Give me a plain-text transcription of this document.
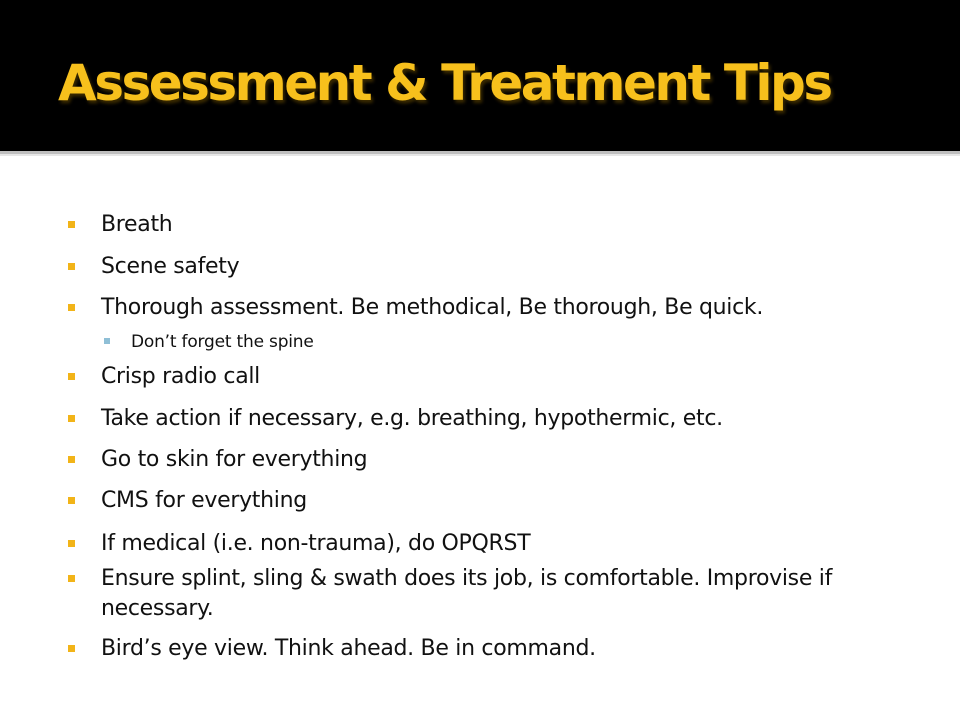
Assessment & Treatment Tips
Breath
Scene safety
Thorough assessment. Be methodical, Be thorough, Be quick.
Don’t forget the spine
Crisp radio call
Take action if necessary, e.g. breathing, hypothermic, etc.
Go to skin for everything
CMS for everything
If medical (i.e. non-trauma), do OPQRST
Ensure splint, sling & swath does its job, is comfortable. Improvise if necessary.
Bird’s eye view. Think ahead. Be in command.
